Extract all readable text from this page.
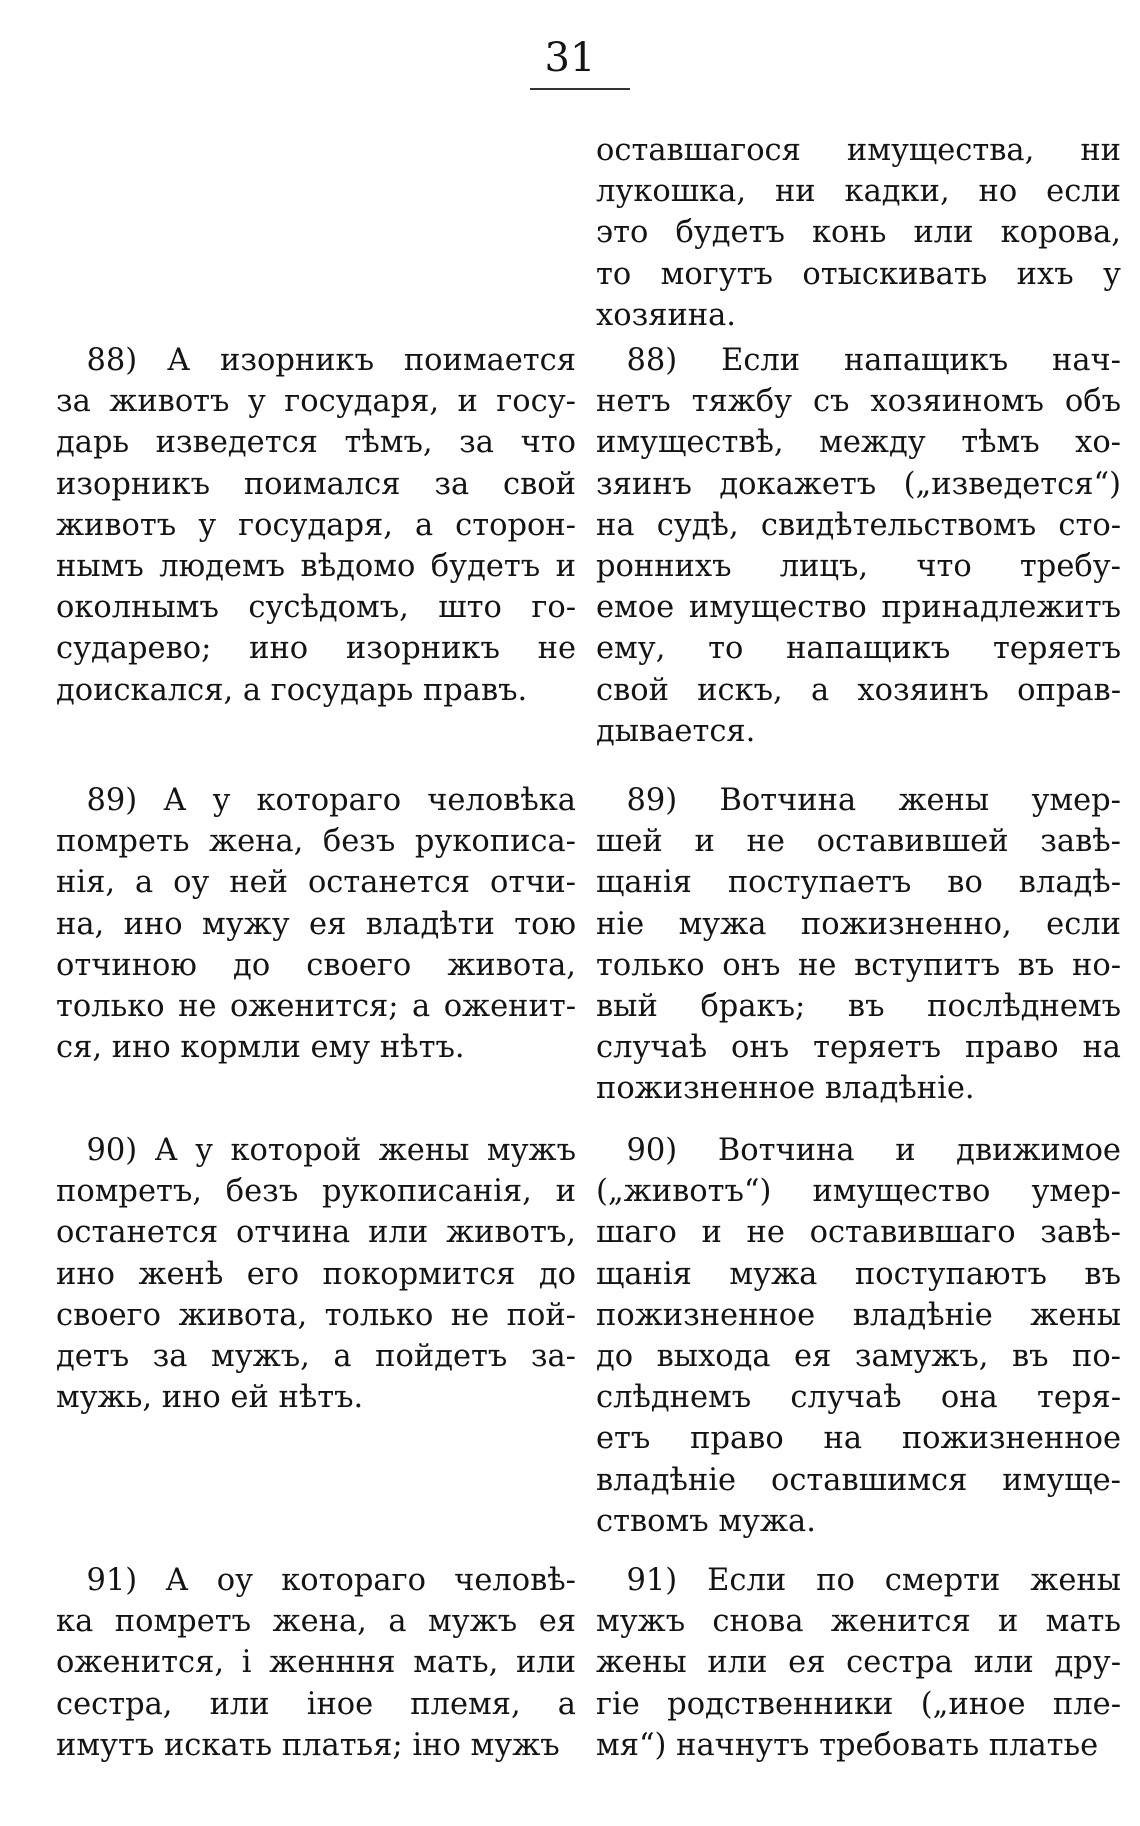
31
 88) А изорникъ поимается
за животъ у государя, и госу-
дарь изведется тѣмъ, за что
изорникъ поимался за свой
животъ у государя, а сторон-
нымъ людемъ вѣдомо будетъ и
околнымъ сусѣдомъ, што го-
сударево; ино изорникъ не
доискался, а государь правъ.
 89) А у котораго человѣка
помреть жена, безъ рукописа-
нія, а оу ней останется отчи-
на, ино мужу ея владѣти тою
отчиною до своего живота,
только не оженится; а оженит-
ся, ино кормли ему нѣтъ.
 90) А у которой жены мужъ
помретъ, безъ рукописанія, и
останется отчина или животъ,
ино женѣ его покормится до
своего живота, только не пой-
детъ за мужъ, а пойдетъ за-
мужь, ино ей нѣтъ.
 91) А оу котораго человѣ-
ка помретъ жена, а мужъ ея
оженится, і женння мать, или
сестра, или іное племя, а
имутъ искать платья; іно мужъ
оставшагося имущества, ни
лукошка, ни кадки, но если
это будетъ конь или корова,
то могутъ отыскивать ихъ у
хозяина.
 88) Если напащикъ нач-
нетъ тяжбу съ хозяиномъ объ
имуществѣ, между тѣмъ хо-
зяинъ докажетъ („изведется“)
на судѣ, свидѣтельствомъ сто-
роннихъ лицъ, что требу-
емое имущество принадлежитъ
ему, то напащикъ теряетъ
свой искъ, а хозяинъ оправ-
дывается.
 89) Вотчина жены умер-
шей и не оставившей завѣ-
щанія поступаетъ во владѣ-
ніе мужа пожизненно, если
только онъ не вступитъ въ но-
вый бракъ; въ послѣднемъ
случаѣ онъ теряетъ право на
пожизненное владѣніе.
 90) Вотчина и движимое
(„животъ“) имущество умер-
шаго и не оставившаго завѣ-
щанія мужа поступаютъ въ
пожизненное владѣніе жены
до выхода ея замужъ, въ по-
слѣднемъ случаѣ она теря-
етъ право на пожизненное
владѣніе оставшимся имуще-
ствомъ мужа.
 91) Если по смерти жены
мужъ снова женится и мать
жены или ея сестра или дру-
гіе родственники („иное пле-
мя“) начнутъ требовать платье
